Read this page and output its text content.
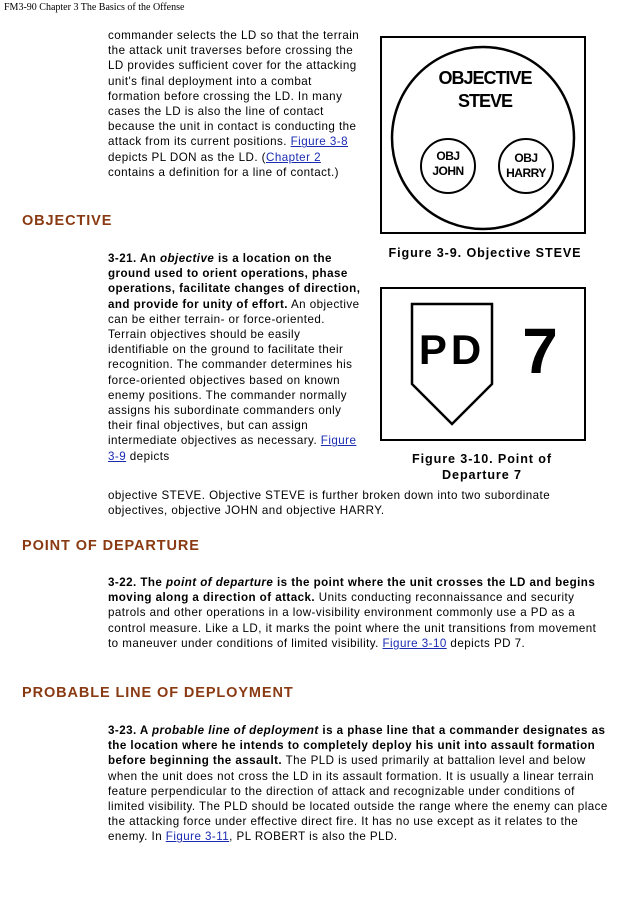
FM3-90 Chapter 3 The Basics of the Offense

commander selects the LD so that the terrain the attack unit traverses before crossing the LD provides sufficient cover for the attacking unit's final deployment into a combat formation before crossing the LD. In many cases the LD is also the line of contact because the unit in contact is conducting the attack from its current positions. Figure 3-8 depicts PL DON as the LD. (Chapter 2 contains a definition for a line of contact.)

OBJECTIVE
STEVE
OBJ
JOHN
OBJ
HARRY
Figure 3-9. Objective STEVE
OBJECTIVE

3-21. An objective is a location on the ground used to orient operations, phase operations, facilitate changes of direction, and provide for unity of effort. An objective can be either terrain- or force-oriented. Terrain objectives should be easily identifiable on the ground to facilitate their recognition. The commander determines his force-oriented objectives based on known enemy positions. The commander normally assigns his subordinate commanders only their final objectives, but can assign intermediate objectives as necessary. Figure 3-9 depicts

objective STEVE. Objective STEVE is further broken down into two subordinate objectives, objective JOHN and objective HARRY.

PD 7
Figure 3-10. Point of
Departure 7
POINT OF DEPARTURE

3-22. The point of departure is the point where the unit crosses the LD and begins moving along a direction of attack. Units conducting reconnaissance and security patrols and other operations in a low-visibility environment commonly use a PD as a control measure. Like a LD, it marks the point where the unit transitions from movement to maneuver under conditions of limited visibility. Figure 3-10 depicts PD 7.

PROBABLE LINE OF DEPLOYMENT

3-23. A probable line of deployment is a phase line that a commander designates as the location where he intends to completely deploy his unit into assault formation before beginning the assault. The PLD is used primarily at battalion level and below when the unit does not cross the LD in its assault formation. It is usually a linear terrain feature perpendicular to the direction of attack and recognizable under conditions of limited visibility. The PLD should be located outside the range where the enemy can place the attacking force under effective direct fire. It has no use except as it relates to the enemy. In Figure 3-11, PL ROBERT is also the PLD.
